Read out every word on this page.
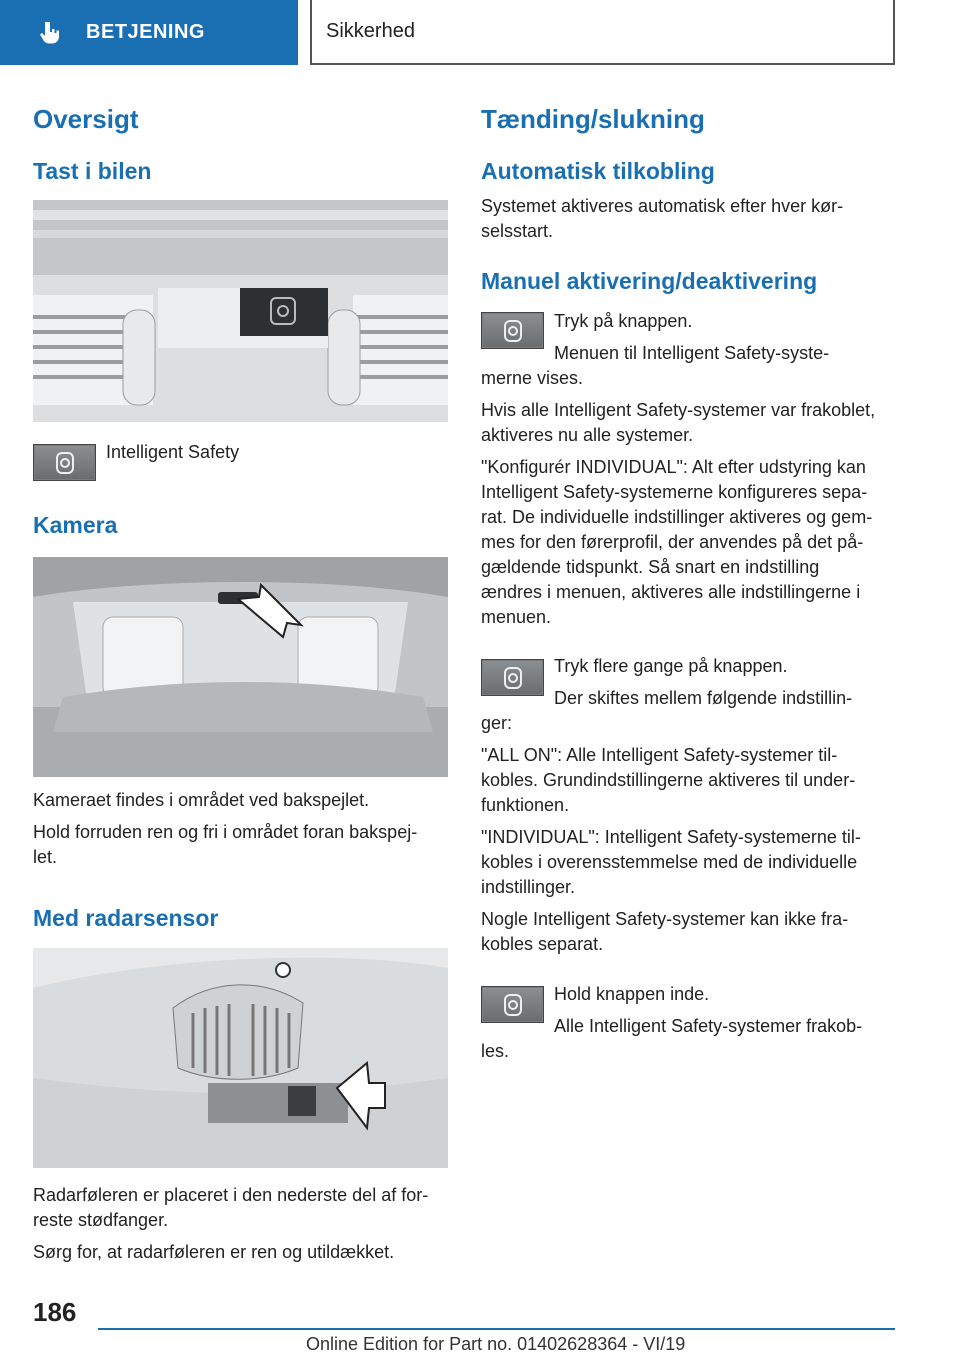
BETJENING	Sikkerhed
Oversigt
Tast i bilen
Intelligent Safety
Kamera
Kameraet findes i området ved bakspejlet.
Hold forruden ren og fri i området foran bakspej-
let.
Med radarsensor
Radarføleren er placeret i den nederste del af for-
reste stødfanger.
Sørg for, at radarføleren er ren og utildækket.
Tænding/slukning
Automatisk tilkobling
Systemet aktiveres automatisk efter hver kør-
selsstart.
Manuel aktivering/deaktivering
Tryk på knappen.
Menuen til Intelligent Safety-syste-
merne vises.
Hvis alle Intelligent Safety-systemer var frakoblet,
aktiveres nu alle systemer.
"Konfigurér INDIVIDUAL": Alt efter udstyring kan
Intelligent Safety-systemerne konfigureres sepa-
rat. De individuelle indstillinger aktiveres og gem-
mes for den førerprofil, der anvendes på det på-
gældende tidspunkt. Så snart en indstilling
ændres i menuen, aktiveres alle indstillingerne i
menuen.
Tryk flere gange på knappen.
Der skiftes mellem følgende indstillin-
ger:
"ALL ON": Alle Intelligent Safety-systemer til-
kobles. Grundindstillingerne aktiveres til under-
funktionen.
"INDIVIDUAL": Intelligent Safety-systemerne til-
kobles i overensstemmelse med de individuelle
indstillinger.
Nogle Intelligent Safety-systemer kan ikke fra-
kobles separat.
Hold knappen inde.
Alle Intelligent Safety-systemer frakob-
les.
186
Online Edition for Part no. 01402628364 - VI/19
